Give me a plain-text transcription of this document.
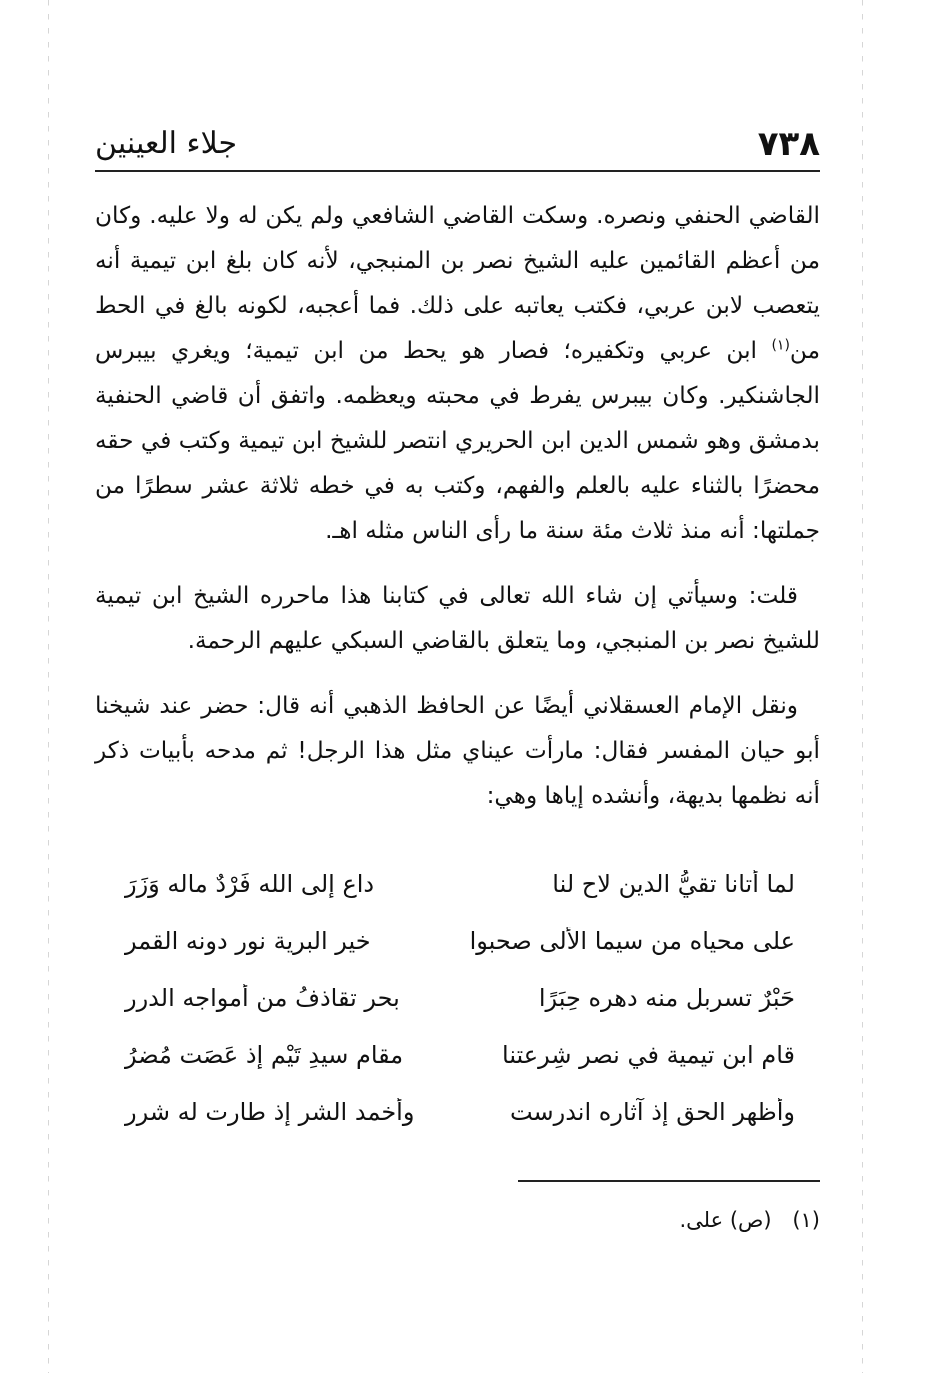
٧٣٨
جلاء العينين

القاضي الحنفي ونصره. وسكت القاضي الشافعي ولم يكن له ولا عليه. وكان من أعظم القائمين عليه الشيخ نصر بن المنبجي، لأنه كان بلغ ابن تيمية أنه يتعصب لابن عربي، فكتب يعاتبه على ذلك. فما أعجبه، لكونه بالغ في الحط من$^{(١)}$ ابن عربي وتكفيره؛ فصار هو يحط من ابن تيمية؛ ويغري بيبرس الجاشنكير. وكان بيبرس يفرط في محبته ويعظمه. واتفق أن قاضي الحنفية بدمشق وهو شمس الدين ابن الحريري انتصر للشيخ ابن تيمية وكتب في حقه محضرًا بالثناء عليه بالعلم والفهم، وكتب به في خطه ثلاثة عشر سطرًا من جملتها: أنه منذ ثلاث مئة سنة ما رأى الناس مثله اهـ.

قلت: وسيأتي إن شاء الله تعالى في كتابنا هذا ماحرره الشيخ ابن تيمية للشيخ نصر بن المنبجي، وما يتعلق بالقاضي السبكي عليهم الرحمة.

ونقل الإمام العسقلاني أيضًا عن الحافظ الذهبي أنه قال: حضر عند شيخنا أبو حيان المفسر فقال: مارأت عيناي مثل هذا الرجل! ثم مدحه بأبيات ذكر أنه نظمها بديهة، وأنشده إياها وهي:

لما أتانا تقيُّ الدين لاح لنا
داعٍ إلى الله فَرْدٌ ماله وَزَرَ
على محياه من سيما الألى صحبوا
خير البرية نور دونه القمر
حَبْرٌ تسربل منه دهره حِبَرًا
بحر تقاذفُ من أمواجه الدرر
قام ابن تيمية في نصر شِرعتنا
مقام سيدِ تَيْم إذ عَصَت مُضرُ
وأظهر الحق إذ آثاره اندرست
وأخمد الشر إذ طارت له شرر
(١) (ص) على.
